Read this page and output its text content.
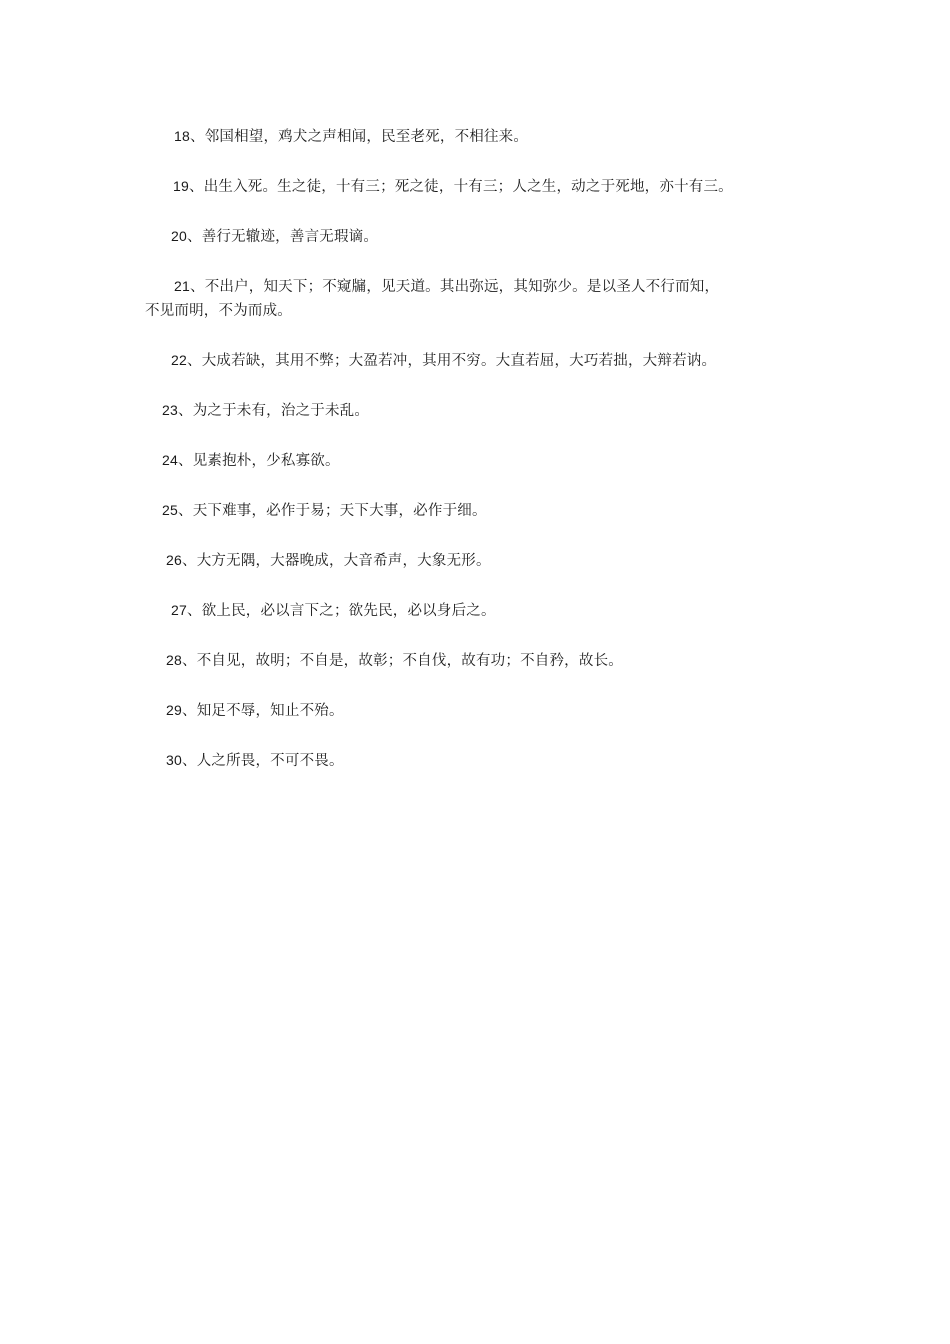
18、邻国相望，鸡犬之声相闻，民至老死，不相往来。
19、出生入死。生之徒，十有三；死之徒，十有三；人之生，动之于死地，亦十有三。
20、善行无辙迹，善言无瑕谪。
21、不出户，知天下；不窥牖，见天道。其出弥远，其知弥少。是以圣人不行而知，
不见而明，不为而成。
22、大成若缺，其用不弊；大盈若冲，其用不穷。大直若屈，大巧若拙，大辩若讷。
23、为之于未有，治之于未乱。
24、见素抱朴，少私寡欲。
25、天下难事，必作于易；天下大事，必作于细。
26、大方无隅，大器晚成，大音希声，大象无形。
27、欲上民，必以言下之；欲先民，必以身后之。
28、不自见，故明；不自是，故彰；不自伐，故有功；不自矜，故长。
29、知足不辱，知止不殆。
30、人之所畏，不可不畏。
